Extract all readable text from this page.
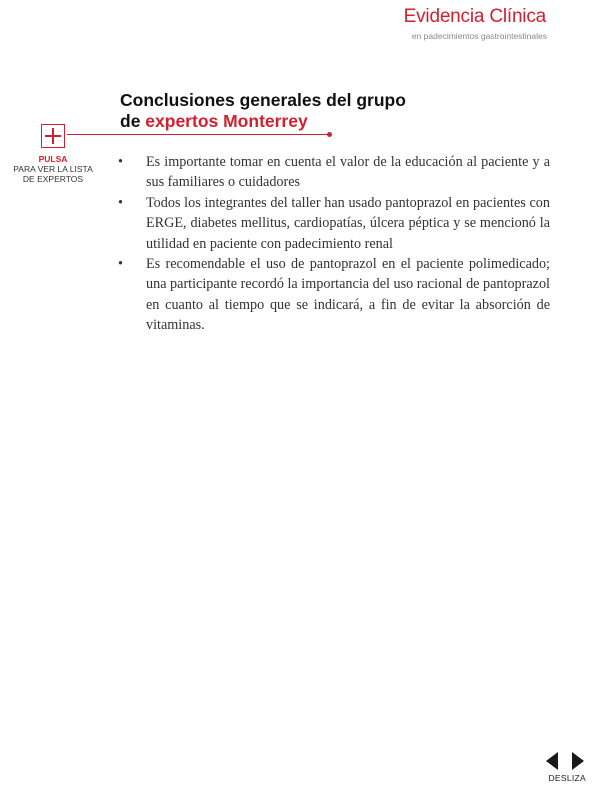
Evidencia Clínica
en padecimientos gastrointestinales
Conclusiones generales del grupo
de expertos Monterrey
PULSA
PARA VER LA LISTA
DE EXPERTOS
• Es importante tomar en cuenta el valor de la educación al paciente y a sus familiares o cuidadores
• Todos los integrantes del taller han usado pantoprazol en pacientes con ERGE, diabetes mellitus, cardiopatías, úlcera péptica y se mencionó la utilidad en paciente con padecimiento renal
• Es recomendable el uso de pantoprazol en el paciente polimedicado; una participante recordó la importancia del uso racional de pantoprazol en cuanto al tiempo que se indicará, a fin de evitar la absorción de vitaminas.
DESLIZA
